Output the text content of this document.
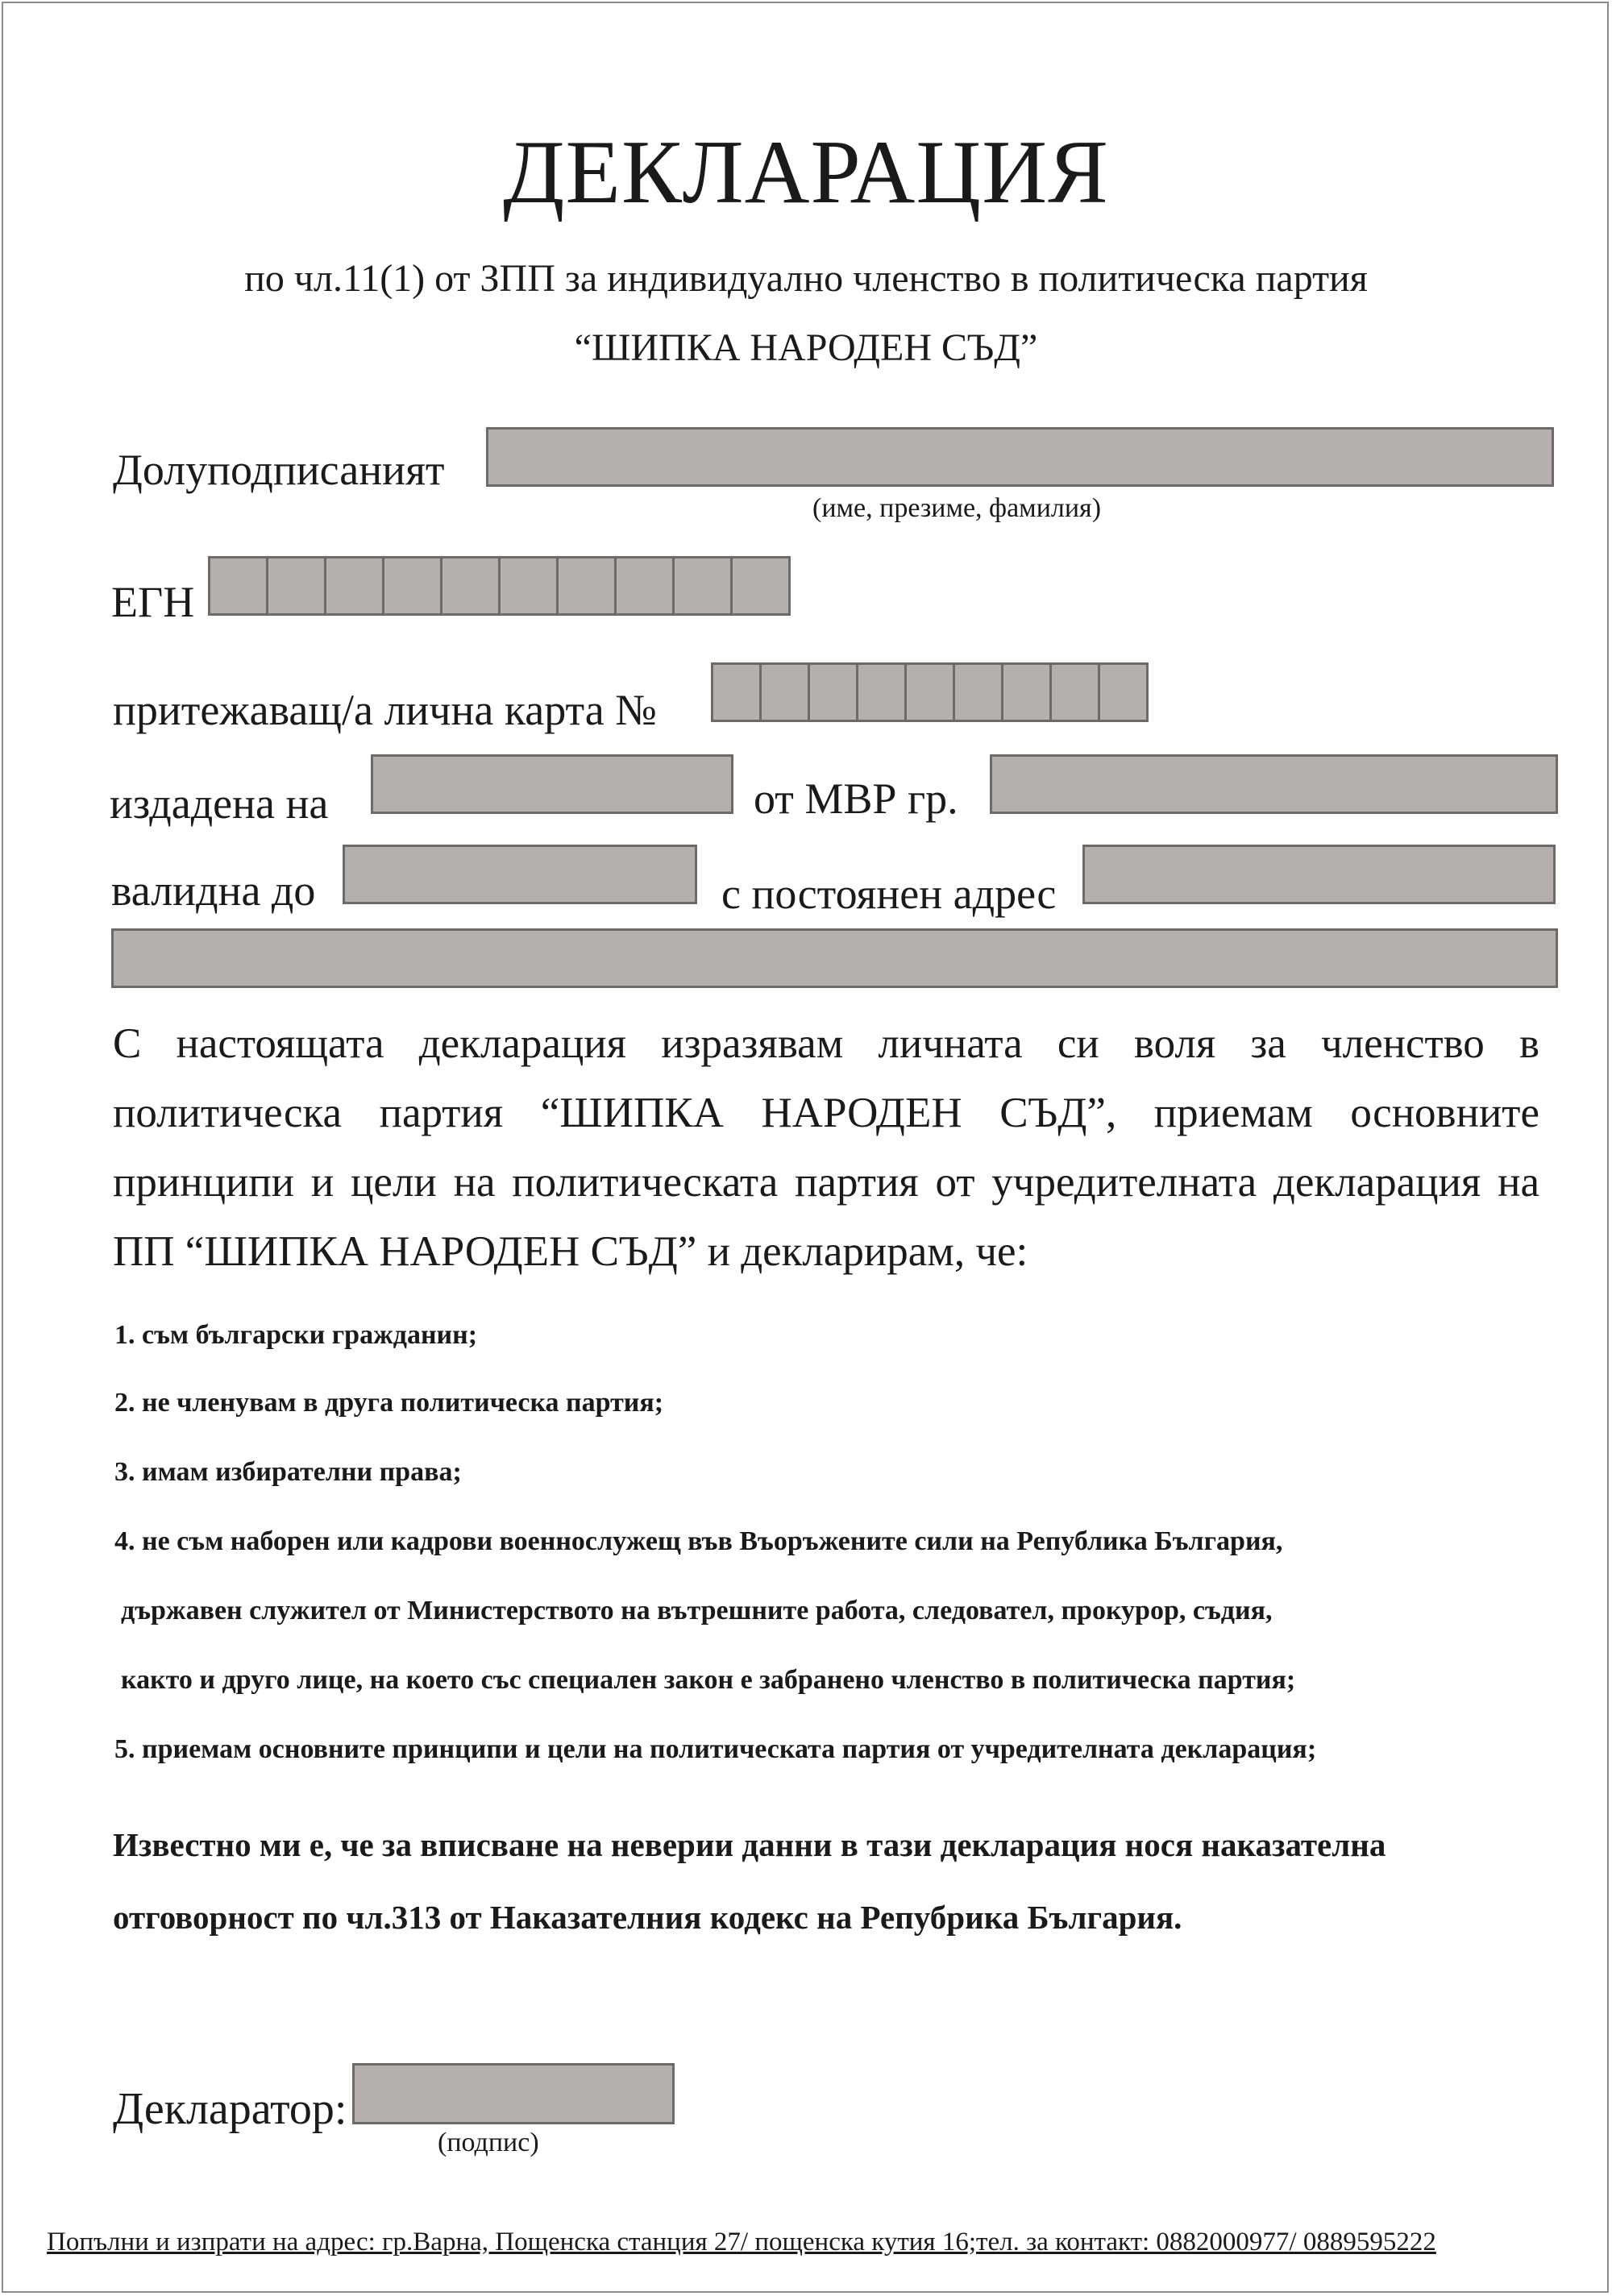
ДЕКЛАРАЦИЯ
по чл.11(1) от ЗПП за индивидуално членство в политическа партия
“ШИПКА НАРОДЕН СЪД”
Долуподписаният
(име, презиме, фамилия)
ЕГН
притежаващ/а лична карта №
издадена на	от МВР гр.
валидна до	с постоянен адрес
С настоящата декларация изразявам личната си воля за членство в политическа партия “ШИПКА НАРОДЕН СЪД”, приемам основните принципи и цели на политическата партия от учредителната декларация на ПП “ШИПКА НАРОДЕН СЪД” и декларирам, че:
1. съм български гражданин;
2. не членувам в друга политическа партия;
3. имам избирателни права;
4. не съм наборен или кадрови военнослужещ във Въоръжените сили на Република България,
държавен служител от Министерството на вътрешните работа, следовател, прокурор, съдия,
както и друго лице, на което със специален закон е забранено членство в политическа партия;
5. приемам основните принципи и цели на политическата партия от учредителната декларация;
Известно ми е, че за вписване на неверии данни в тази декларация нося наказателна
отговорност по чл.313 от Наказателния кодекс на Репубрика България.
Декларатор:
(подпис)
Попълни и изпрати на адрес: гр.Варна, Пощенска станция 27/ пощенска кутия 16;тел. за контакт: 0882000977/ 0889595222
